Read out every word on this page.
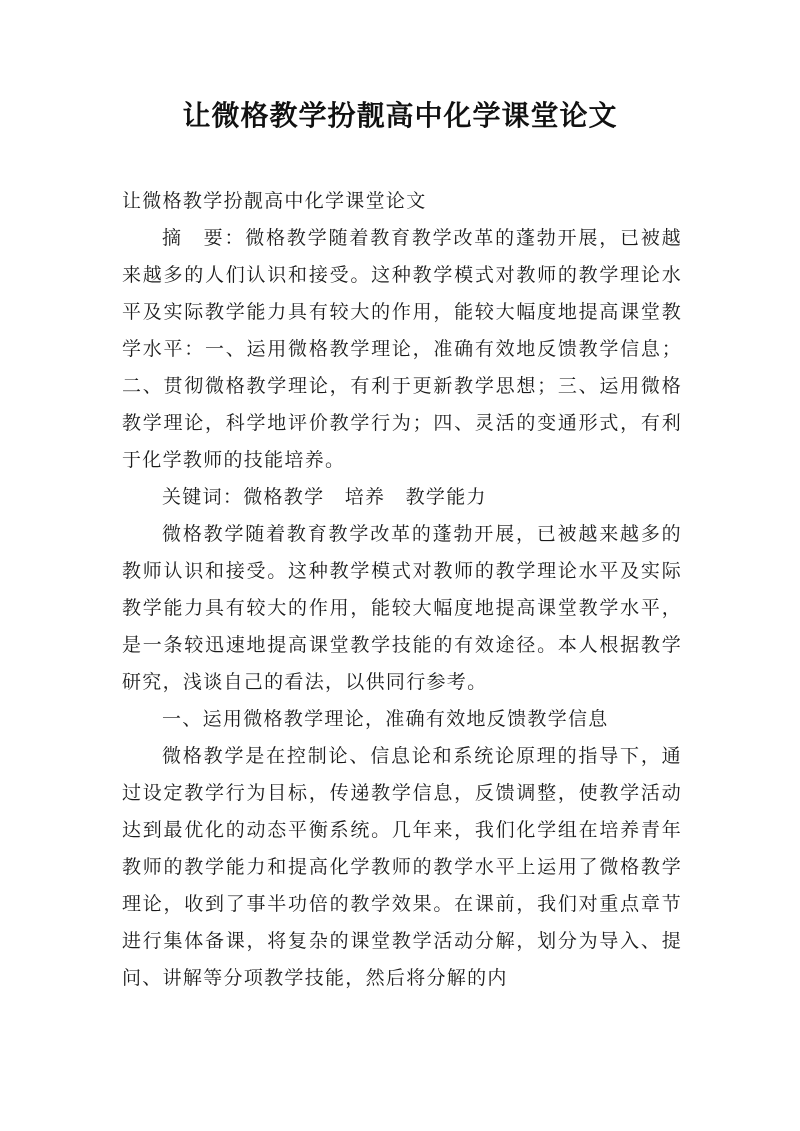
让微格教学扮靓高中化学课堂论文

让微格教学扮靓高中化学课堂论文

摘　要：微格教学随着教育教学改革的蓬勃开展，已被越来越多的人们认识和接受。这种教学模式对教师的教学理论水平及实际教学能力具有较大的作用，能较大幅度地提高课堂教学水平：一、运用微格教学理论，准确有效地反馈教学信息；二、贯彻微格教学理论，有利于更新教学思想；三、运用微格教学理论，科学地评价教学行为；四、灵活的变通形式，有利于化学教师的技能培养。

关键词：微格教学　培养　教学能力

微格教学随着教育教学改革的蓬勃开展，已被越来越多的教师认识和接受。这种教学模式对教师的教学理论水平及实际教学能力具有较大的作用，能较大幅度地提高课堂教学水平，是一条较迅速地提高课堂教学技能的有效途径。本人根据教学研究，浅谈自己的看法，以供同行参考。

一、运用微格教学理论，准确有效地反馈教学信息

微格教学是在控制论、信息论和系统论原理的指导下，通过设定教学行为目标，传递教学信息，反馈调整，使教学活动达到最优化的动态平衡系统。几年来，我们化学组在培养青年教师的教学能力和提高化学教师的教学水平上运用了微格教学理论，收到了事半功倍的教学效果。在课前，我们对重点章节进行集体备课，将复杂的课堂教学活动分解，划分为导入、提问、讲解等分项教学技能，然后将分解的内
